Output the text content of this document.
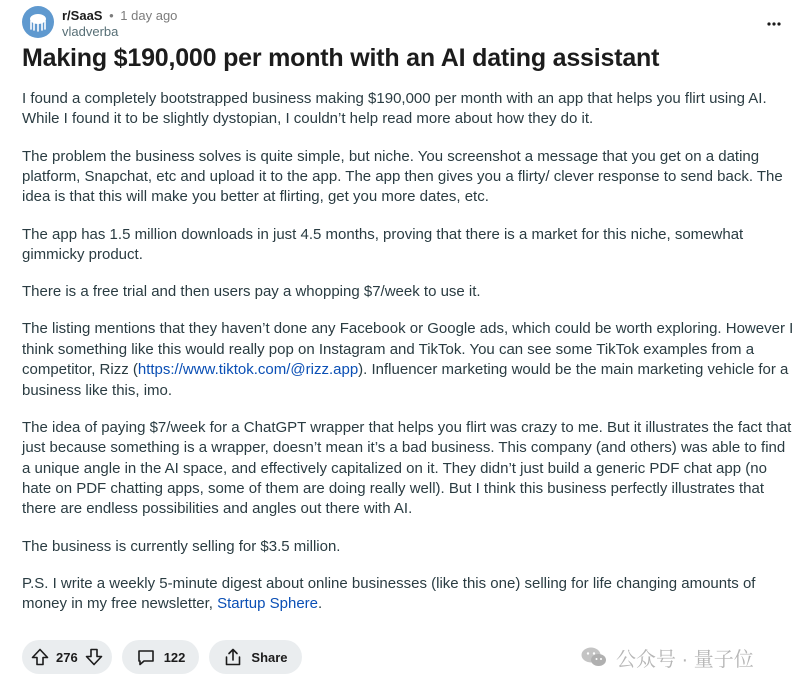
r/SaaS • 1 day ago
vladverba
Making $190,000 per month with an AI dating assistant

I found a completely bootstrapped business making $190,000 per month with an app that helps you flirt using AI. While I found it to be slightly dystopian, I couldn’t help read more about how they do it.

The problem the business solves is quite simple, but niche. You screenshot a message that you get on a dating platform, Snapchat, etc and upload it to the app. The app then gives you a flirty/ clever response to send back. The idea is that this will make you better at flirting, get you more dates, etc.

The app has 1.5 million downloads in just 4.5 months, proving that there is a market for this niche, somewhat gimmicky product.

There is a free trial and then users pay a whopping $7/week to use it.

The listing mentions that they haven’t done any Facebook or Google ads, which could be worth exploring. However I think something like this would really pop on Instagram and TikTok. You can see some TikTok examples from a competitor, Rizz (https://www.tiktok.com/@rizz.app). Influencer marketing would be the main marketing vehicle for a business like this, imo.

The idea of paying $7/week for a ChatGPT wrapper that helps you flirt was crazy to me. But it illustrates the fact that just because something is a wrapper, doesn’t mean it’s a bad business. This company (and others) was able to find a unique angle in the AI space, and effectively capitalized on it. They didn’t just build a generic PDF chat app (no hate on PDF chatting apps, some of them are doing really well). But I think this business perfectly illustrates that there are endless possibilities and angles out there with AI.

The business is currently selling for $3.5 million.

P.S. I write a weekly 5-minute digest about online businesses (like this one) selling for life changing amounts of money in my free newsletter, Startup Sphere.

276	122	Share	公众号 · 量子位
